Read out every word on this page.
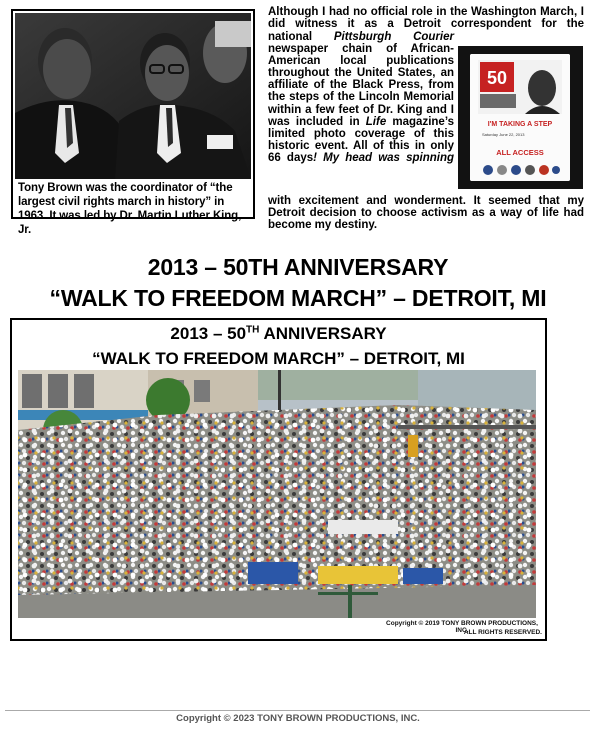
Tony Brown was the coordinator of “the largest civil rights march in history” in 1963. It was led by Dr. Martin Luther King, Jr.
Although I had no official role in the Washington March, I did witness it as a Detroit correspondent for the
national Pittsburgh Courier newspaper chain of African-American local publications throughout the United States, an affiliate of the Black Press, from the steps of the Lincoln Memorial within a few feet of Dr. King and I was included in Life magazine’s limited photo coverage of this historic event. All of this in only 66 days! My head was spinning
with excitement and wonderment. It seemed that my Detroit decision to choose activism as a way of life had become my destiny.
50
I'M TAKING A STEP
Saturday June 22, 2013
ALL ACCESS
2013 – 50TH ANNIVERSARY
“WALK TO FREEDOM MARCH” – DETROIT, MI
2013 – 50TH ANNIVERSARY
“WALK TO FREEDOM MARCH” – DETROIT, MI
Copyright © 2019 TONY BROWN PRODUCTIONS, INC.
ALL RIGHTS RESERVED.
Copyright © 2023 TONY BROWN PRODUCTIONS, INC.
